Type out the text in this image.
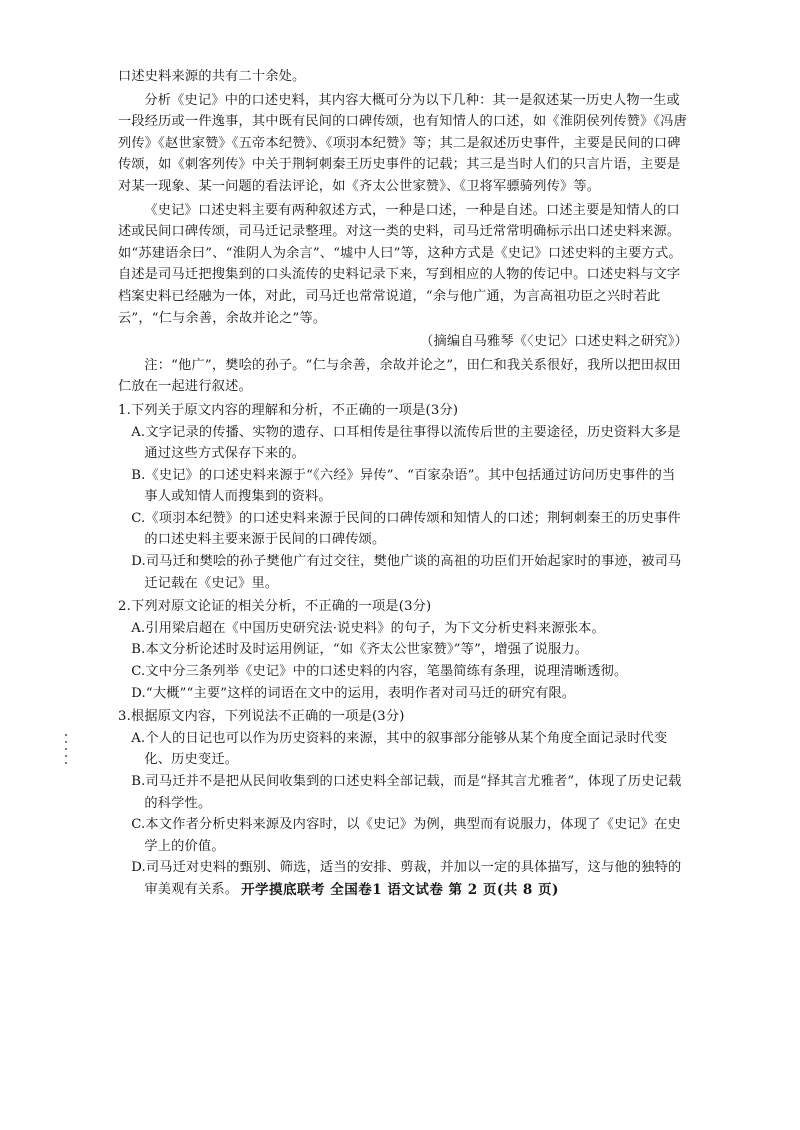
口述史料来源的共有二十余处。

分析《史记》中的口述史料，其内容大概可分为以下几种：其一是叙述某一历史人物一生或一段经历或一件逸事，其中既有民间的口碑传颂，也有知情人的口述，如《淮阴侯列传赞》《冯唐列传》《赵世家赞》《五帝本纪赞》、《项羽本纪赞》等；其二是叙述历史事件，主要是民间的口碑传颂，如《刺客列传》中关于荆轲刺秦王历史事件的记载；其三是当时人们的只言片语，主要是对某一现象、某一问题的看法评论，如《齐太公世家赞》、《卫将军骠骑列传》等。

《史记》口述史料主要有两种叙述方式，一种是口述，一种是自述。口述主要是知情人的口述或民间口碑传颂，司马迁记录整理。对这一类的史料，司马迁常常明确标示出口述史料来源。如“苏建语余曰”、“淮阴人为余言”、“墟中人曰”等，这种方式是《史记》口述史料的主要方式。自述是司马迁把搜集到的口头流传的史料记录下来，写到相应的人物的传记中。口述史料与文字档案史料已经融为一体，对此，司马迁也常常说道，“余与他广通，为言高祖功臣之兴时若此云”，“仁与余善，余故并论之”等。

（摘编自马雅琴《〈史记〉口述史料之研究》）

注：“他广”，樊哙的孙子。“仁与余善，余故并论之”，田仁和我关系很好，我所以把田叔田仁放在一起进行叙述。

1.下列关于原文内容的理解和分析，不正确的一项是(3分)

A.文字记录的传播、实物的遗存、口耳相传是往事得以流传后世的主要途径，历史资料大多是通过这些方式保存下来的。

B.《史记》的口述史料来源于“《六经》异传”、“百家杂语”。其中包括通过访问历史事件的当事人或知情人而搜集到的资料。

C.《项羽本纪赞》的口述史料来源于民间的口碑传颂和知情人的口述；荆轲刺秦王的历史事件的口述史料主要来源于民间的口碑传颂。

D.司马迁和樊哙的孙子樊他广有过交往，樊他广谈的高祖的功臣们开始起家时的事迹，被司马迁记载在《史记》里。

2.下列对原文论证的相关分析，不正确的一项是(3分)

A.引用梁启超在《中国历史研究法·说史料》的句子，为下文分析史料来源张本。

B.本文分析论述时及时运用例证，“如《齐太公世家赞》”等”，增强了说服力。

C.文中分三条列举《史记》中的口述史料的内容，笔墨简练有条理，说理清晰透彻。

D.“大概”“主要”这样的词语在文中的运用，表明作者对司马迁的研究有限。

3.根据原文内容，下列说法不正确的一项是(3分)

A.个人的日记也可以作为历史资料的来源，其中的叙事部分能够从某个角度全面记录时代变化、历史变迁。

B.司马迁并不是把从民间收集到的口述史料全部记载，而是“择其言尤雅者”，体现了历史记载的科学性。

C.本文作者分析史料来源及内容时，以《史记》为例，典型而有说服力，体现了《史记》在史学上的价值。

D.司马迁对史料的甄别、筛选，适当的安排、剪裁，并加以一定的具体描写，这与他的独特的审美观有关系。 开学摸底联考 全国卷1 语文试卷 第 2 页(共 8 页)
